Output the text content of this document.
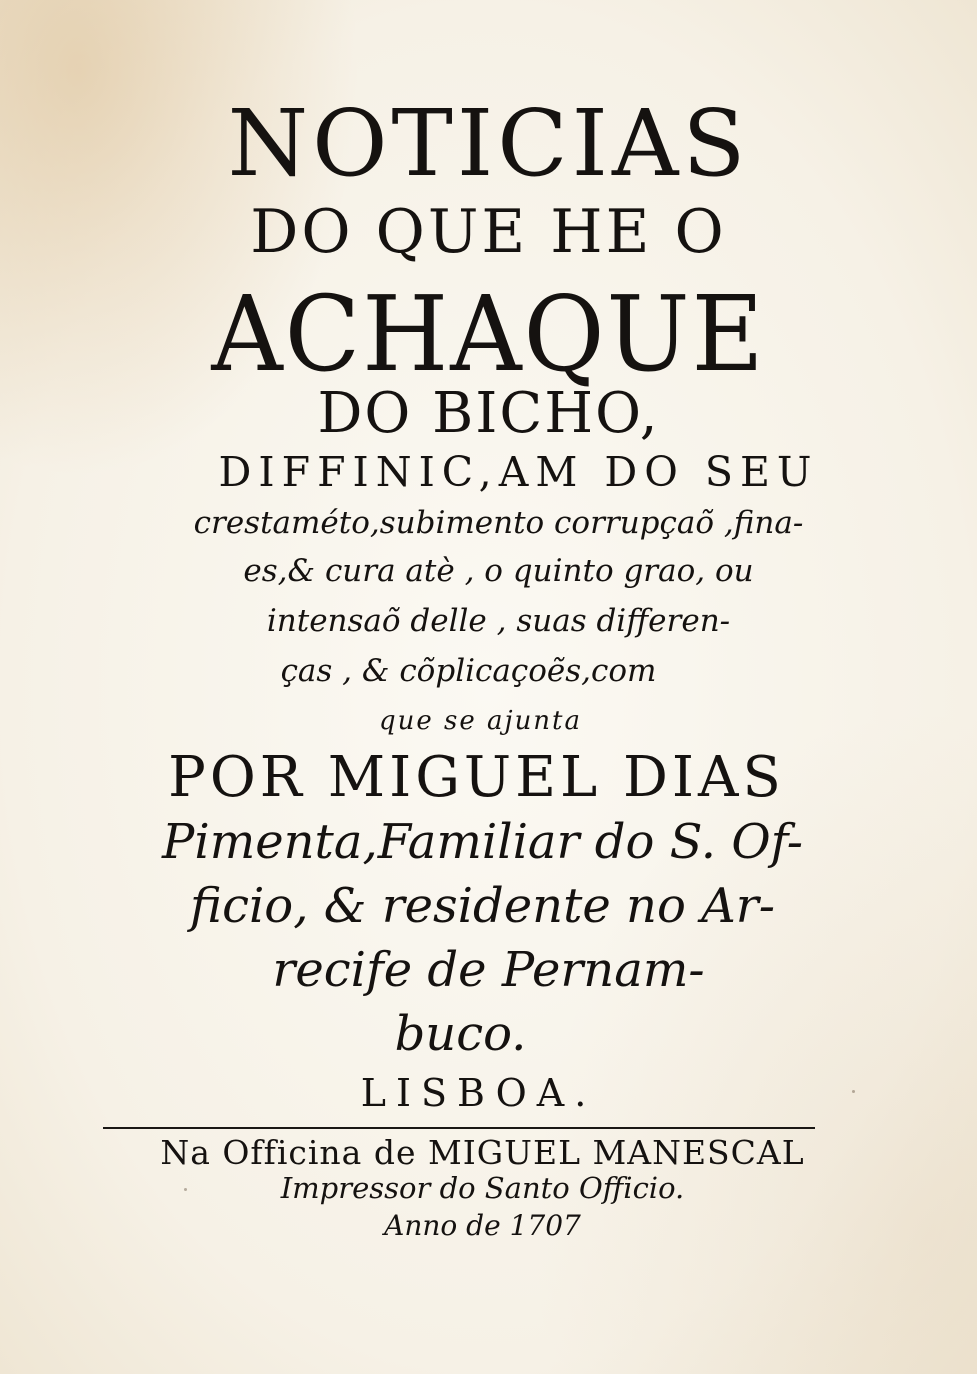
NOTICIAS
DO QUE HE O
ACHAQUE
DO BICHO,
DIFFINIC,AM DO SEU
crestaméto,subimento corrupçaõ ,fina-
es,& cura atè , o quinto grao, ou
intensaõ delle , suas differen-
ças , & cõplicaçoẽs,com
que se ajunta
POR MIGUEL DIAS
Pimenta,Familiar do S. Of-
ficio, & residente no Ar-
recife de Pernam-
buco.
LISBOA.
Na Officina de MIGUEL MANESCAL
Impressor do Santo Officio.
Anno de 1707
